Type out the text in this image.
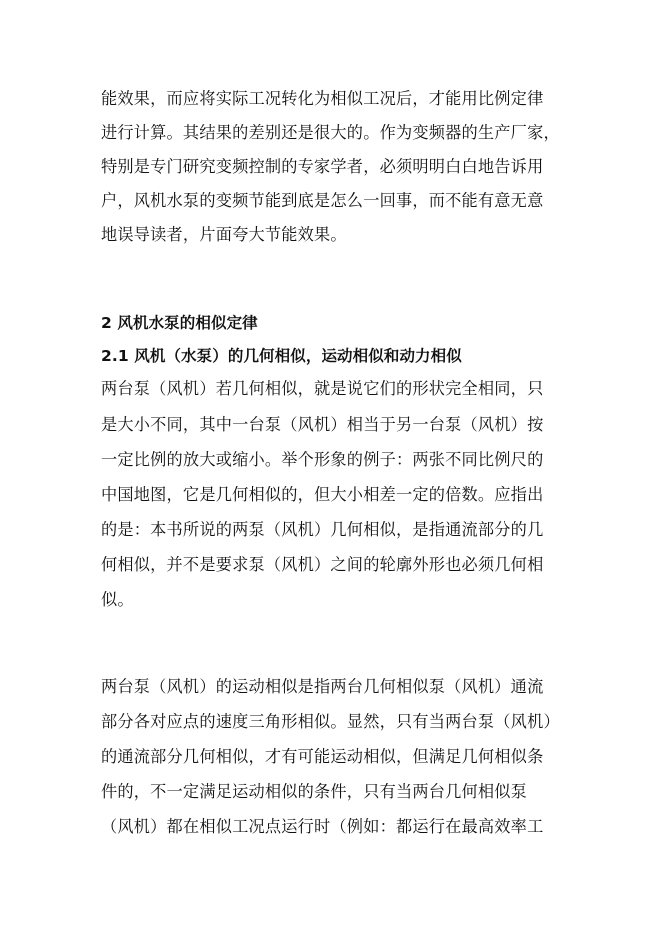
能效果，而应将实际工况转化为相似工况后，才能用比例定律
进行计算。其结果的差别还是很大的。作为变频器的生产厂家，
特别是专门研究变频控制的专家学者，必须明明白白地告诉用
户，风机水泵的变频节能到底是怎么一回事，而不能有意无意
地误导读者，片面夸大节能效果。
2 风机水泵的相似定律
2.1 风机（水泵）的几何相似，运动相似和动力相似
两台泵（风机）若几何相似，就是说它们的形状完全相同，只
是大小不同，其中一台泵（风机）相当于另一台泵（风机）按
一定比例的放大或缩小。举个形象的例子：两张不同比例尺的
中国地图，它是几何相似的，但大小相差一定的倍数。应指出
的是：本书所说的两泵（风机）几何相似，是指通流部分的几
何相似，并不是要求泵（风机）之间的轮廓外形也必须几何相
似。
两台泵（风机）的运动相似是指两台几何相似泵（风机）通流
部分各对应点的速度三角形相似。显然，只有当两台泵（风机）
的通流部分几何相似，才有可能运动相似，但满足几何相似条
件的，不一定满足运动相似的条件，只有当两台几何相似泵
（风机）都在相似工况点运行时（例如：都运行在最高效率工
